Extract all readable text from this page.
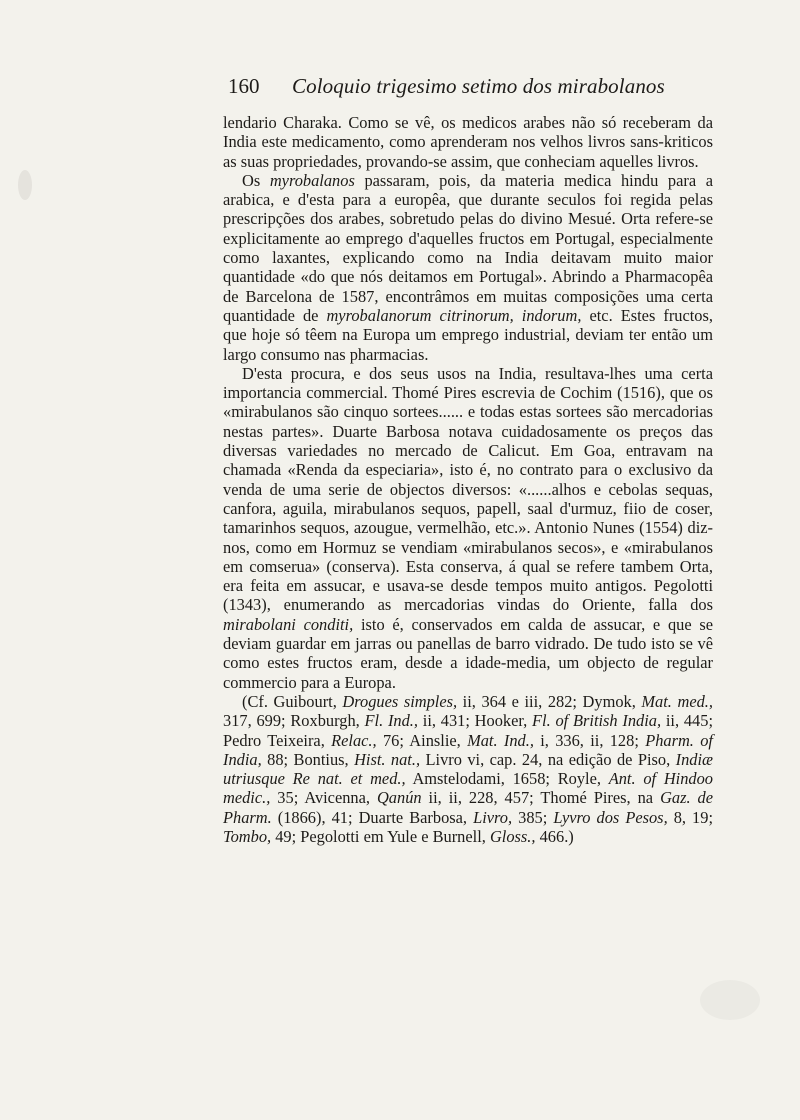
160 Coloquio trigesimo setimo dos mirabolanos

lendario Charaka. Como se vê, os medicos arabes não só receberam da India este medicamento, como aprenderam nos velhos livros sans-kriticos as suas propriedades, provando-se assim, que conheciam aquelles livros.

Os myrobalanos passaram, pois, da materia medica hindu para a arabica, e d'esta para a europêa, que durante seculos foi regida pelas prescripções dos arabes, sobretudo pelas do divino Mesué. Orta refere-se explicitamente ao emprego d'aquelles fructos em Portugal, especialmente como laxantes, explicando como na India deitavam muito maior quantidade «do que nós deitamos em Portugal». Abrindo a Pharmacopêa de Barcelona de 1587, encontrâmos em muitas composições uma certa quantidade de myrobalanorum citrinorum, indorum, etc. Estes fructos, que hoje só têem na Europa um emprego industrial, deviam ter então um largo consumo nas pharmacias.

D'esta procura, e dos seus usos na India, resultava-lhes uma certa importancia commercial. Thomé Pires escrevia de Cochim (1516), que os «mirabulanos são cinquo sortees...... e todas estas sortees são mercadorias nestas partes». Duarte Barbosa notava cuidadosamente os preços das diversas variedades no mercado de Calicut. Em Goa, entravam na chamada «Renda da especiaria», isto é, no contrato para o exclusivo da venda de uma serie de objectos diversos: «......alhos e cebolas sequas, canfora, aguila, mirabulanos sequos, papell, saal d'urmuz, fiio de coser, tamarinhos sequos, azougue, vermelhão, etc.». Antonio Nunes (1554) diz-nos, como em Hormuz se vendiam «mirabulanos secos», e «mirabulanos em comserua» (conserva). Esta conserva, á qual se refere tambem Orta, era feita em assucar, e usava-se desde tempos muito antigos. Pegolotti (1343), enumerando as mercadorias vindas do Oriente, falla dos mirabolani conditi, isto é, conservados em calda de assucar, e que se deviam guardar em jarras ou panellas de barro vidrado. De tudo isto se vê como estes fructos eram, desde a idade-media, um objecto de regular commercio para a Europa.

(Cf. Guibourt, Drogues simples, ii, 364 e iii, 282; Dymok, Mat. med., 317, 699; Roxburgh, Fl. Ind., ii, 431; Hooker, Fl. of British India, ii, 445; Pedro Teixeira, Relac., 76; Ainslie, Mat. Ind., i, 336, ii, 128; Pharm. of India, 88; Bontius, Hist. nat., Livro vi, cap. 24, na edição de Piso, Indiæ utriusque Re nat. et med., Amstelodami, 1658; Royle, Ant. of Hindoo medic., 35; Avicenna, Qanún ii, ii, 228, 457; Thomé Pires, na Gaz. de Pharm. (1866), 41; Duarte Barbosa, Livro, 385; Lyvro dos Pesos, 8, 19; Tombo, 49; Pegolotti em Yule e Burnell, Gloss., 466.)
